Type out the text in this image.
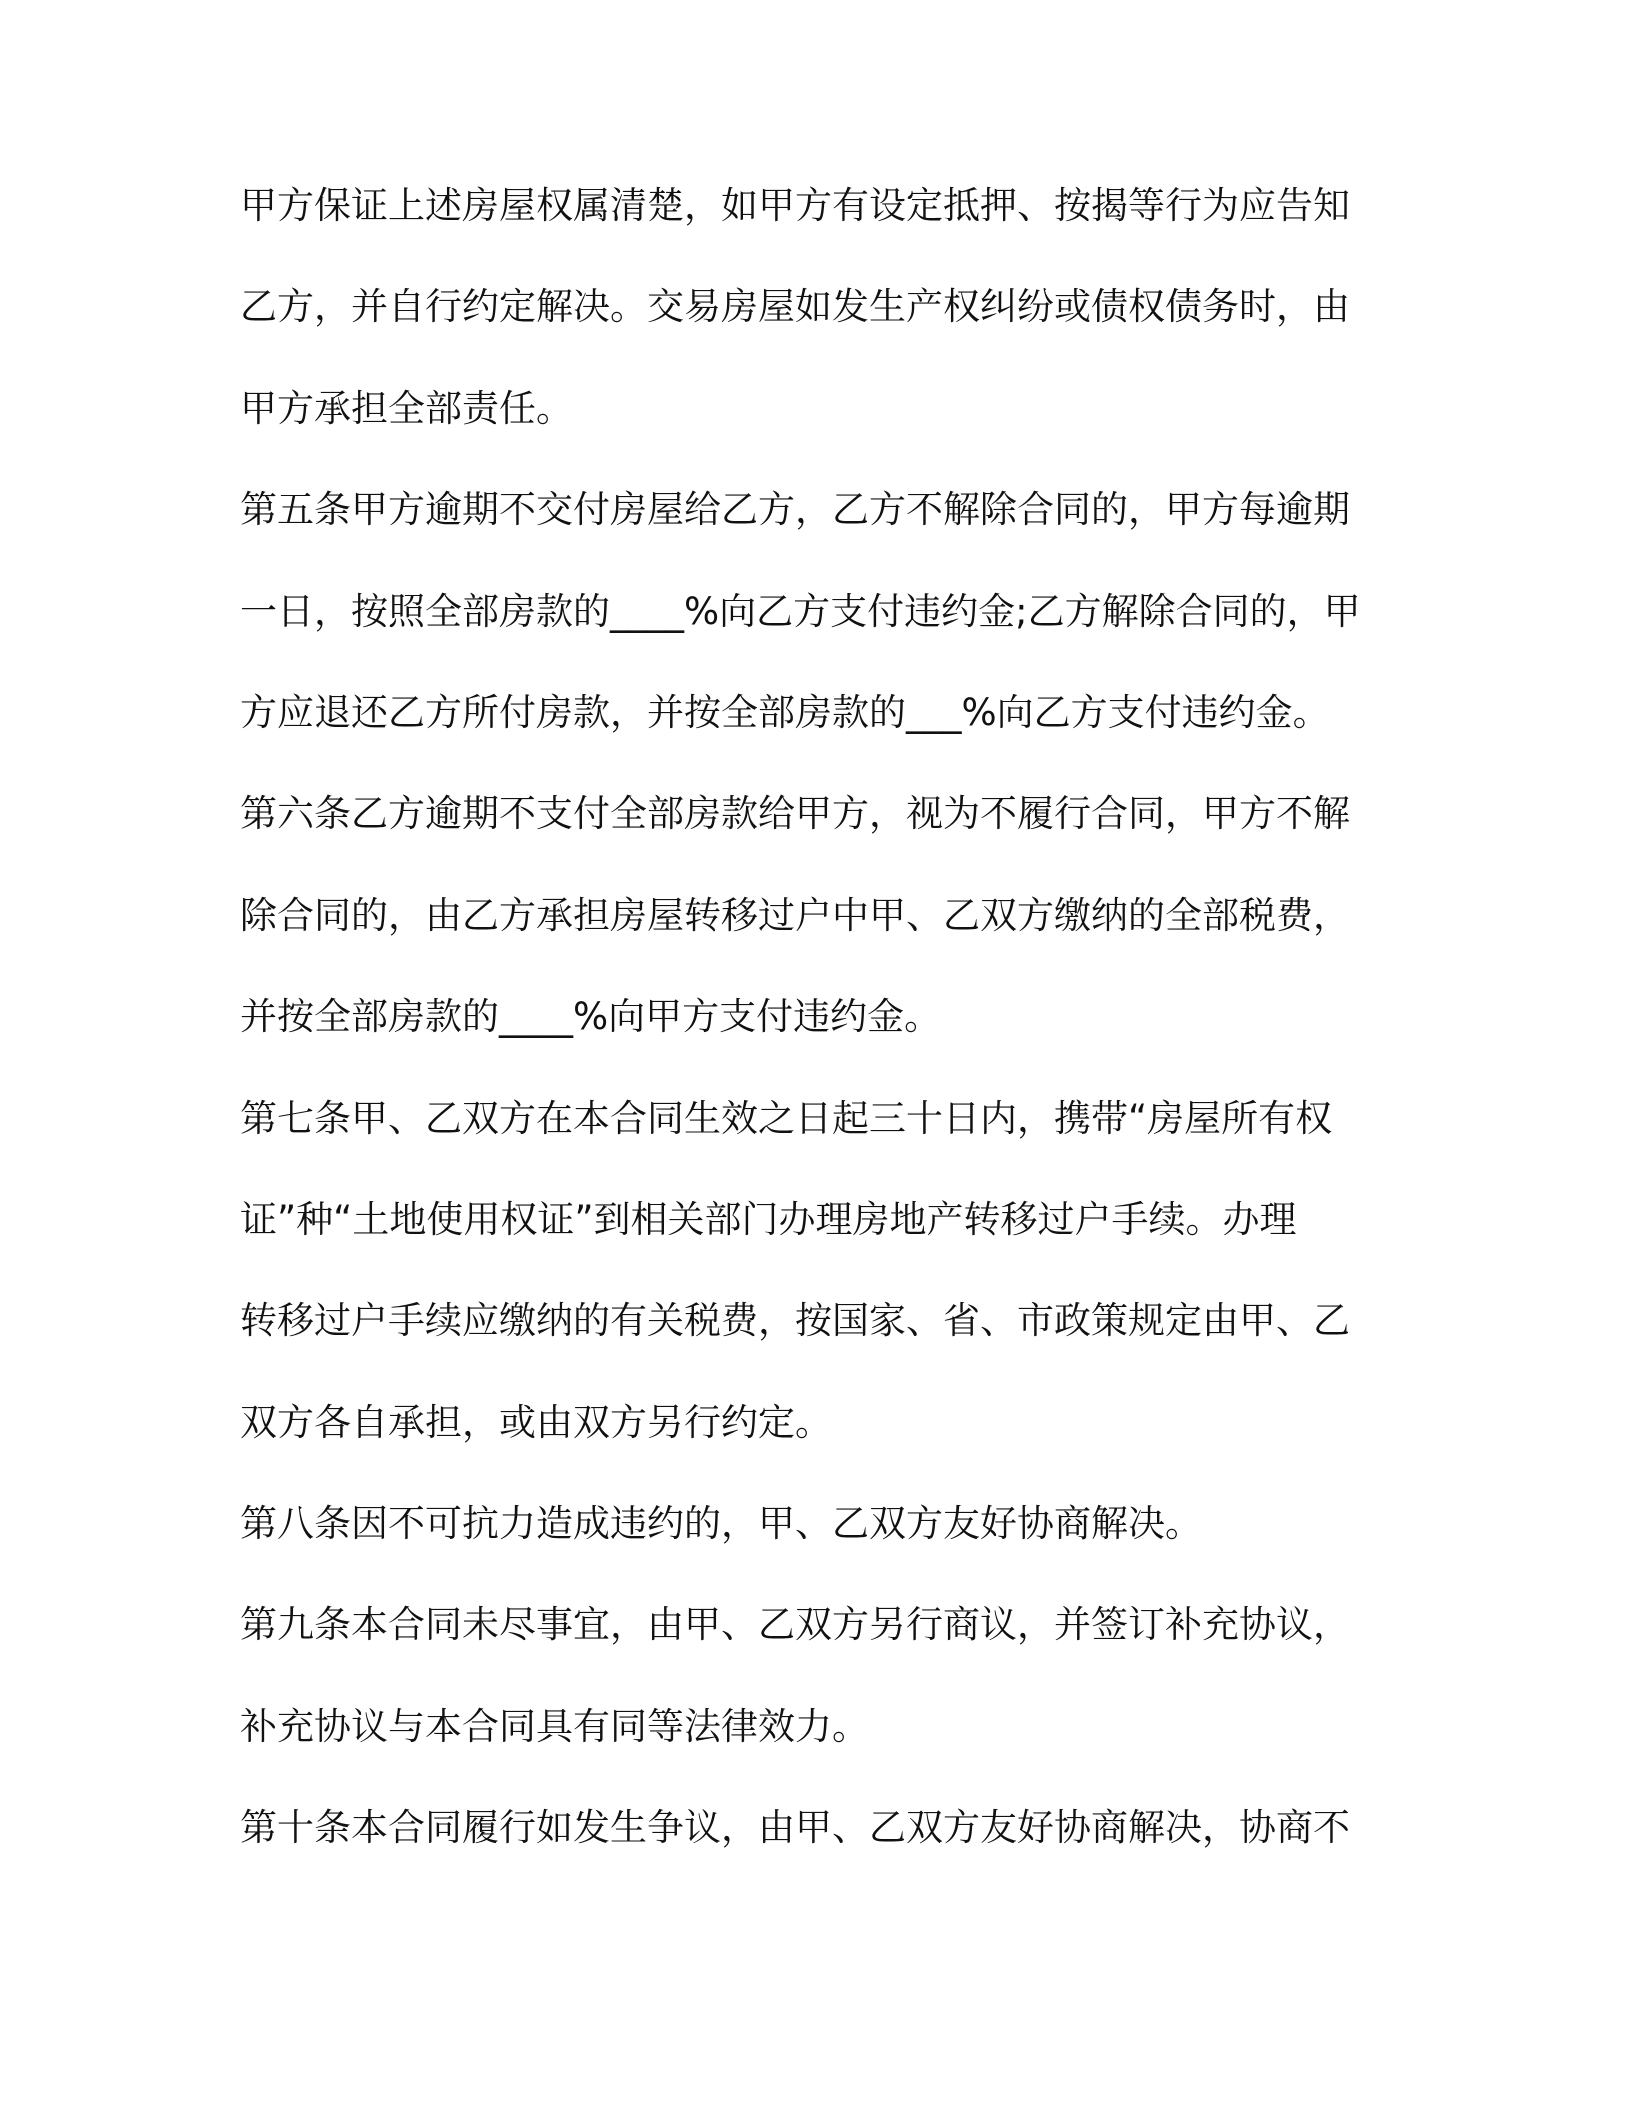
甲方保证上述房屋权属清楚，如甲方有设定抵押、按揭等行为应告知
乙方，并自行约定解决。交易房屋如发生产权纠纷或债权债务时，由
甲方承担全部责任。
第五条甲方逾期不交付房屋给乙方，乙方不解除合同的，甲方每逾期
一日，按照全部房款的____%向乙方支付违约金;乙方解除合同的，甲
方应退还乙方所付房款，并按全部房款的___%向乙方支付违约金。
第六条乙方逾期不支付全部房款给甲方，视为不履行合同，甲方不解
除合同的，由乙方承担房屋转移过户中甲、乙双方缴纳的全部税费，
并按全部房款的____%向甲方支付违约金。
第七条甲、乙双方在本合同生效之日起三十日内，携带“房屋所有权
证”种“土地使用权证”到相关部门办理房地产转移过户手续。办理
转移过户手续应缴纳的有关税费，按国家、省、市政策规定由甲、乙
双方各自承担，或由双方另行约定。
第八条因不可抗力造成违约的，甲、乙双方友好协商解决。
第九条本合同未尽事宜，由甲、乙双方另行商议，并签订补充协议，
补充协议与本合同具有同等法律效力。
第十条本合同履行如发生争议，由甲、乙双方友好协商解决，协商不
